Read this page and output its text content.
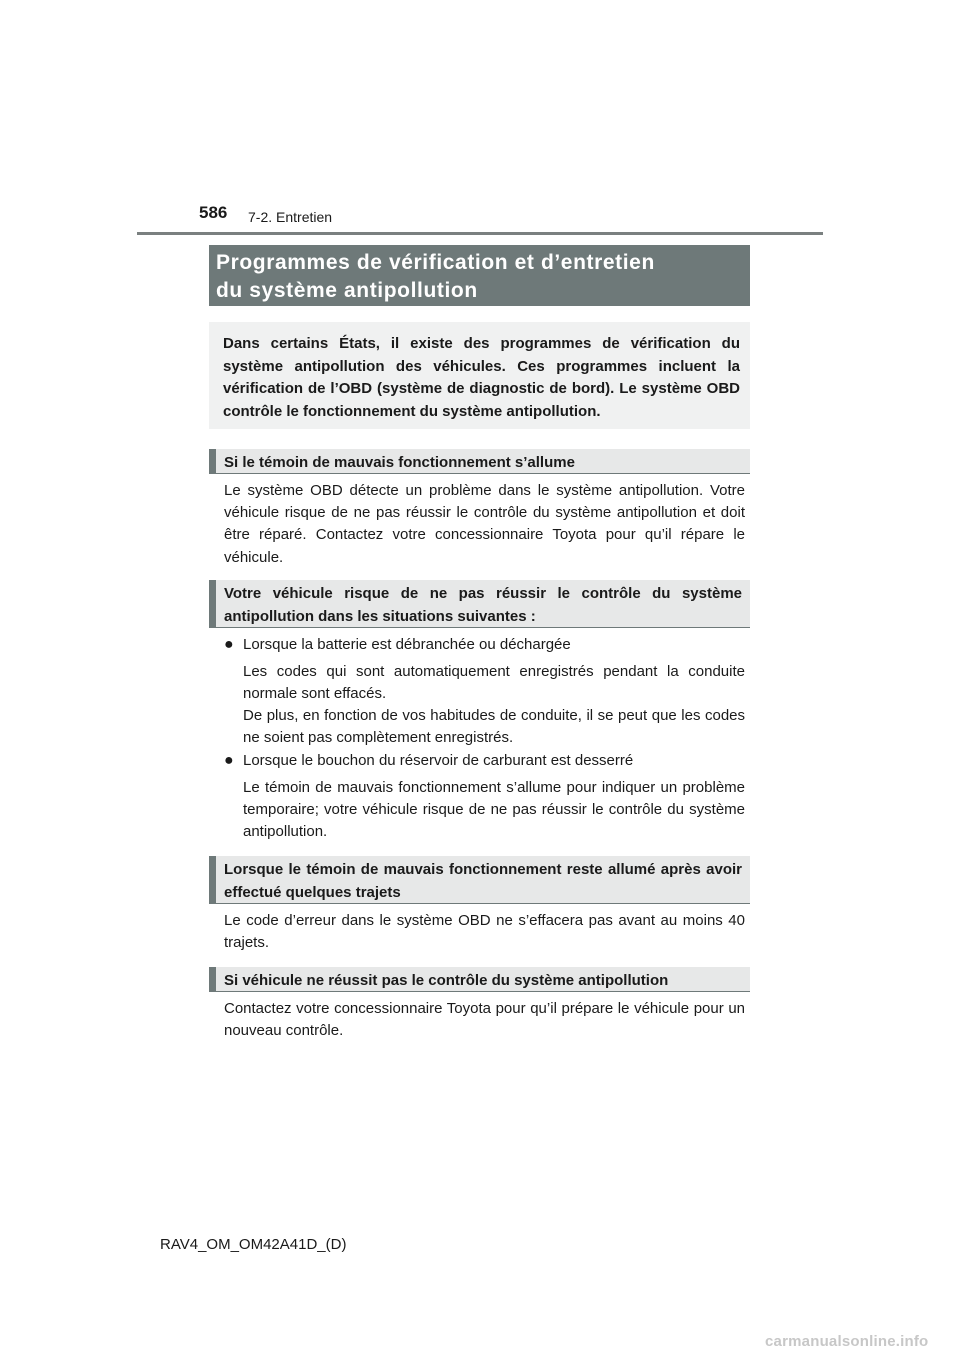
586 7-2. Entretien
Programmes de vérification et d’entretien
du système antipollution
Dans certains États, il existe des programmes de vérification du système antipollution des véhicules. Ces programmes incluent la vérification de l’OBD (système de diagnostic de bord). Le système OBD contrôle le fonctionnement du système antipollution.
Si le témoin de mauvais fonctionnement s’allume
Le système OBD détecte un problème dans le système antipollution. Votre véhicule risque de ne pas réussir le contrôle du système antipollution et doit être réparé. Contactez votre concessionnaire Toyota pour qu’il répare le véhicule.
Votre véhicule risque de ne pas réussir le contrôle du système antipollution dans les situations suivantes :
● Lorsque la batterie est débranchée ou déchargée
Les codes qui sont automatiquement enregistrés pendant la conduite normale sont effacés.
De plus, en fonction de vos habitudes de conduite, il se peut que les codes ne soient pas complètement enregistrés.
● Lorsque le bouchon du réservoir de carburant est desserré
Le témoin de mauvais fonctionnement s’allume pour indiquer un problème temporaire; votre véhicule risque de ne pas réussir le contrôle du système antipollution.
Lorsque le témoin de mauvais fonctionnement reste allumé après avoir effectué quelques trajets
Le code d’erreur dans le système OBD ne s’effacera pas avant au moins 40 trajets.
Si véhicule ne réussit pas le contrôle du système antipollution
Contactez votre concessionnaire Toyota pour qu’il prépare le véhicule pour un nouveau contrôle.
RAV4_OM_OM42A41D_(D)
carmanualsonline.info
